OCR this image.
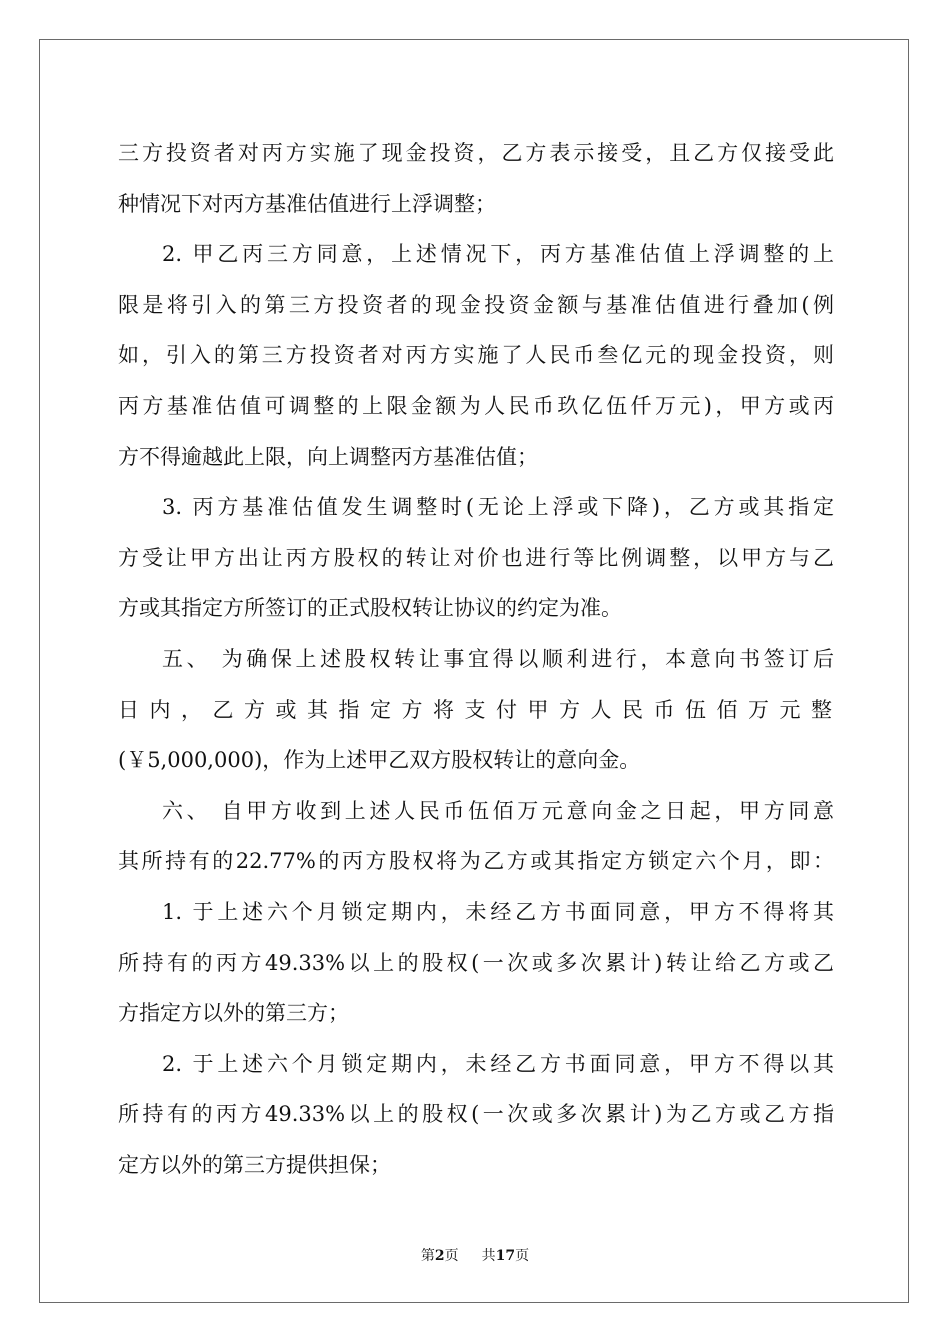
三方投资者对丙方实施了现金投资，乙方表示接受，且乙方仅接受此
种情况下对丙方基准估值进行上浮调整；

2. 甲乙丙三方同意，上述情况下，丙方基准估值上浮调整的上
限是将引入的第三方投资者的现金投资金额与基准估值进行叠加(例
如，引入的第三方投资者对丙方实施了人民币叁亿元的现金投资，则
丙方基准估值可调整的上限金额为人民币玖亿伍仟万元)，甲方或丙
方不得逾越此上限，向上调整丙方基准估值；

3. 丙方基准估值发生调整时(无论上浮或下降)，乙方或其指定
方受让甲方出让丙方股权的转让对价也进行等比例调整，以甲方与乙
方或其指定方所签订的正式股权转让协议的约定为准。

五、 为确保上述股权转让事宜得以顺利进行，本意向书签订后
日内，乙方或其指定方将支付甲方人民币伍佰万元整
(￥5,000,000)，作为上述甲乙双方股权转让的意向金。

六、 自甲方收到上述人民币伍佰万元意向金之日起，甲方同意
其所持有的22.77%的丙方股权将为乙方或其指定方锁定六个月，即：

1. 于上述六个月锁定期内，未经乙方书面同意，甲方不得将其
所持有的丙方49.33%以上的股权(一次或多次累计)转让给乙方或乙
方指定方以外的第三方；

2. 于上述六个月锁定期内，未经乙方书面同意，甲方不得以其
所持有的丙方49.33%以上的股权(一次或多次累计)为乙方或乙方指
定方以外的第三方提供担保；

第2页 共17页
